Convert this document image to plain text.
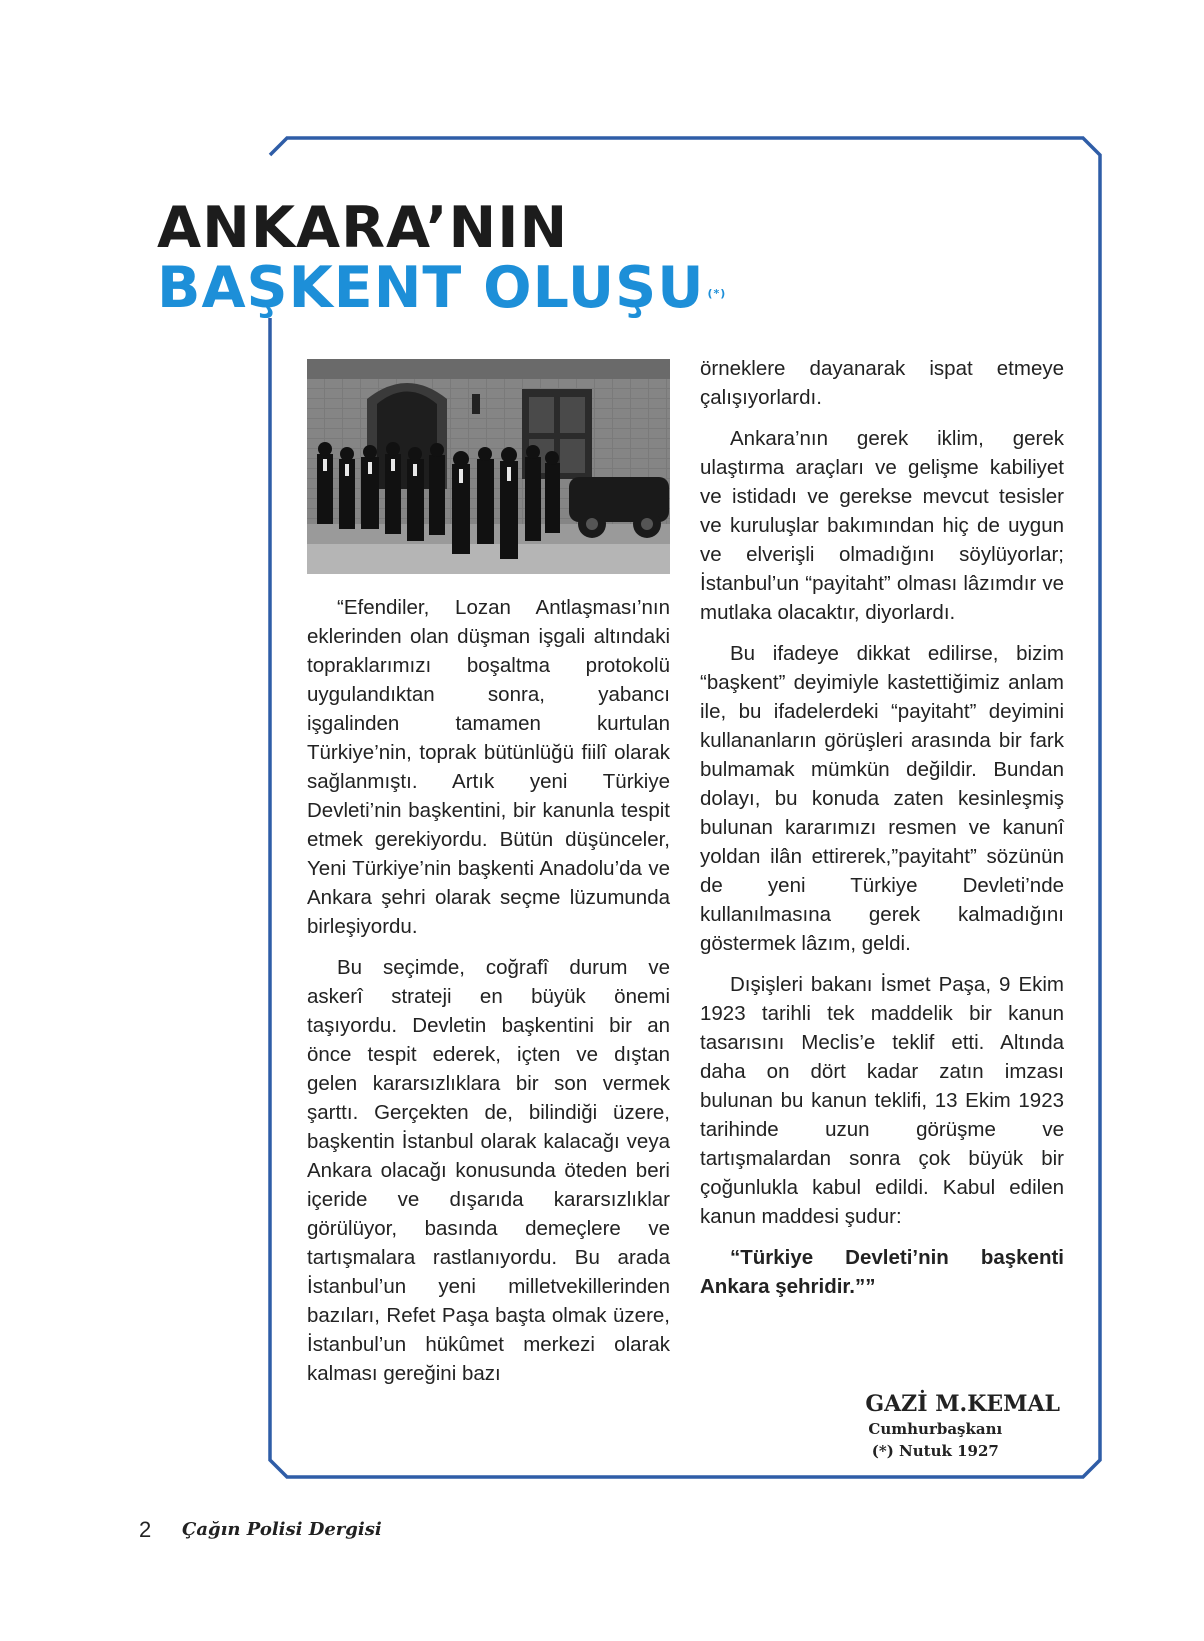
ANKARA’NIN
BAŞKENT OLUŞU (*)

“Efendiler, Lozan Antlaşması’nın eklerinden olan düşman işgali altındaki topraklarımızı boşaltma protokolü uygulandıktan sonra, yabancı işgalinden tamamen kurtulan Türkiye’nin, toprak bütünlüğü fiilî olarak sağlanmıştı. Artık yeni Türkiye Devleti’nin başkentini, bir kanunla tespit etmek gerekiyordu. Bütün düşünceler, Yeni Türkiye’nin başkenti Anadolu’da ve Ankara şehri olarak seçme lüzumunda birleşiyordu.

Bu seçimde, coğrafî durum ve askerî strateji en büyük önemi taşıyordu. Devletin başkentini bir an önce tespit ederek, içten ve dıştan gelen kararsızlıklara bir son vermek şarttı. Gerçekten de, bilindiği üzere, başkentin İstanbul olarak kalacağı veya Ankara olacağı konusunda öteden beri içeride ve dışarıda kararsızlıklar görülüyor, basında demeçlere ve tartışmalara rastlanıyordu. Bu arada İstanbul’un yeni milletvekillerinden bazıları, Refet Paşa başta olmak üzere, İstanbul’un hükûmet merkezi olarak kalması gereğini bazı

örneklere dayanarak ispat etmeye çalışıyorlardı.

Ankara’nın gerek iklim, gerek ulaştırma araçları ve gelişme kabiliyet ve istidadı ve gerekse mevcut tesisler ve kuruluşlar bakımından hiç de uygun ve elverişli olmadığını söylüyorlar; İstanbul’un “payitaht” olması lâzımdır ve mutlaka olacaktır, diyorlardı.

Bu ifadeye dikkat edilirse, bizim “başkent” deyimiyle kastettiğimiz anlam ile, bu ifadelerdeki “payitaht” deyimini kullananların görüşleri arasında bir fark bulmamak mümkün değildir. Bundan dolayı, bu konuda zaten kesinleşmiş bulunan kararımızı resmen ve kanunî yoldan ilân ettirerek,”payitaht” sözünün de yeni Türkiye Devleti’nde kullanılmasına gerek kalmadığını göstermek lâzım, geldi.

Dışişleri bakanı İsmet Paşa, 9 Ekim 1923 tarihli tek maddelik bir kanun tasarısını Meclis’e teklif etti. Altında daha on dört kadar zatın imzası bulunan bu kanun teklifi, 13 Ekim 1923 tarihinde uzun görüşme ve tartışmalardan sonra çok büyük bir çoğunlukla kabul edildi. Kabul edilen kanun maddesi şudur:

“Türkiye Devleti’nin başkenti Ankara şehridir.””

GAZİ M.KEMAL
Cumhurbaşkanı
(*) Nutuk 1927
2 Çağın Polisi Dergisi
